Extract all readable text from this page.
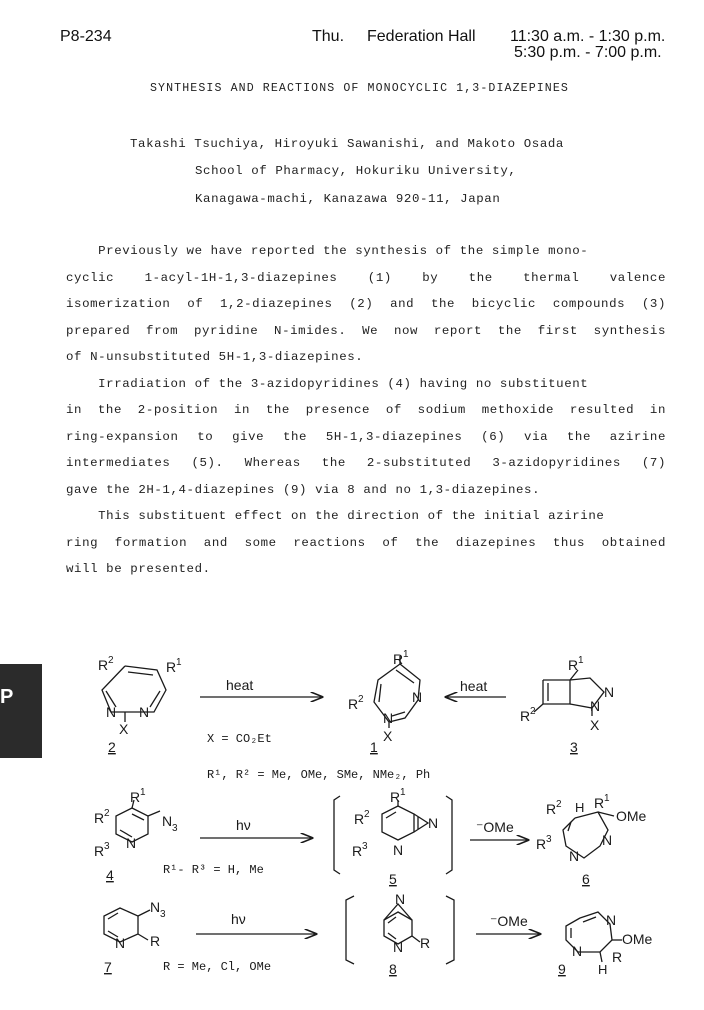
P8-234	Thu. Federation Hall 11:30 a.m. - 1:30 p.m.
5:30 p.m. - 7:00 p.m.
SYNTHESIS AND REACTIONS OF MONOCYCLIC 1,3-DIAZEPINES
Takashi Tsuchiya, Hiroyuki Sawanishi, and Makoto Osada
School of Pharmacy, Hokuriku University,
Kanagawa-machi, Kanazawa 920-11, Japan
Previously we have reported the synthesis of the simple mono-
cyclic 1-acyl-1H-1,3-diazepines (1) by the thermal valence
isomerization of 1,2-diazepines (2) and the bicyclic compounds (3)
prepared from pyridine N-imides. We now report the first synthesis
of N-unsubstituted 5H-1,3-diazepines.
Irradiation of the 3-azidopyridines (4) having no substituent
in the 2-position in the presence of sodium methoxide resulted in
ring-expansion to give the 5H-1,3-diazepines (6) via the azirine
intermediates (5). Whereas the 2-substituted 3-azidopyridines (7)
gave the 2H-1,4-diazepines (9) via 8 and no 1,3-diazepines.
This substituent effect on the direction of the initial azirine
ring formation and some reactions of the diazepines thus obtained
will be presented.
P
R 2	R 1
N N
X
2
heat
R 1
R 2	N
N
X
1
heat
R 1
R 2
N
N
X
3
X = CO₂Et
R¹, R² = Me, OMe, SMe, NMe₂, Ph
R 1
R 2
R 3
N 3
N
4
hν
R¹- R³ = H, Me
R 1
R 2
R 3
N
N
5
⁻OMe
R 2 H R 1
OMe
R 3	N
N
6
N 3
N R
7
hν
R = Me, Cl, OMe
N
N R
8
⁻OMe	N
OMe
N R
H
9
